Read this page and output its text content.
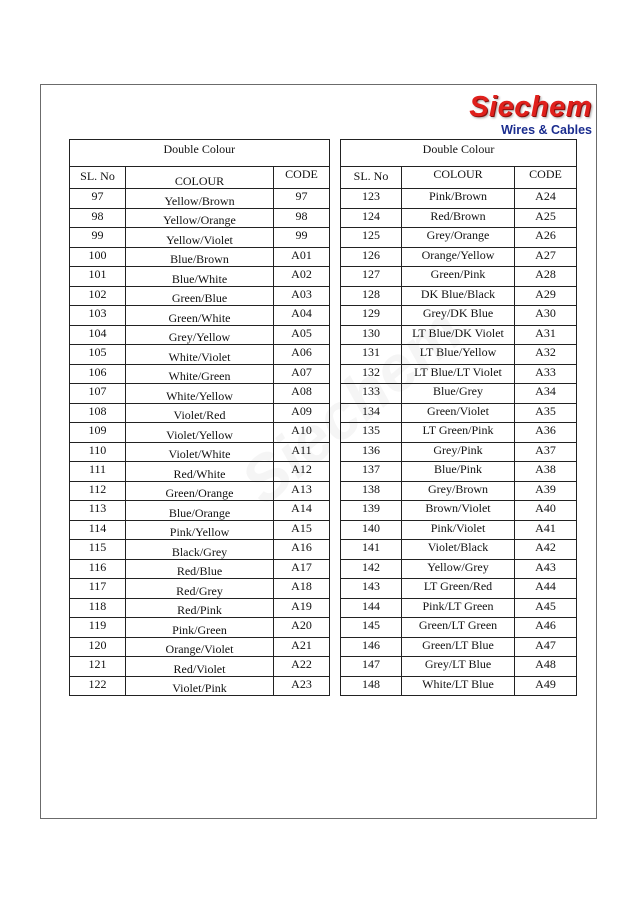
Siechem
Wires & Cables
	Double Colour	
SL. No	COLOUR	CODE
97	Yellow/Brown	97
98	Yellow/Orange	98
99	Yellow/Violet	99
100	Blue/Brown	A01
101	Blue/White	A02
102	Green/Blue	A03
103	Green/White	A04
104	Grey/Yellow	A05
105	White/Violet	A06
106	White/Green	A07
107	White/Yellow	A08
108	Violet/Red	A09
109	Violet/Yellow	A10
110	Violet/White	A11
111	Red/White	A12
112	Green/Orange	A13
113	Blue/Orange	A14
114	Pink/Yellow	A15
115	Black/Grey	A16
116	Red/Blue	A17
117	Red/Grey	A18
118	Red/Pink	A19
119	Pink/Green	A20
120	Orange/Violet	A21
121	Red/Violet	A22
122	Violet/Pink	A23
Double Colour		
SL. No	COLOUR	CODE
123	Pink/Brown	A24
124	Red/Brown	A25
125	Grey/Orange	A26
126	Orange/Yellow	A27
127	Green/Pink	A28
128	DK Blue/Black	A29
129	Grey/DK Blue	A30
130	LT Blue/DK Violet	A31
131	LT Blue/Yellow	A32
132	LT Blue/LT Violet	A33
133	Blue/Grey	A34
134	Green/Violet	A35
135	LT Green/Pink	A36
136	Grey/Pink	A37
137	Blue/Pink	A38
138	Grey/Brown	A39
139	Brown/Violet	A40
140	Pink/Violet	A41
141	Violet/Black	A42
142	Yellow/Grey	A43
143	LT Green/Red	A44
144	Pink/LT Green	A45
145	Green/LT Green	A46
146	Green/LT Blue	A47
147	Grey/LT Blue	A48
148	White/LT Blue	A49
